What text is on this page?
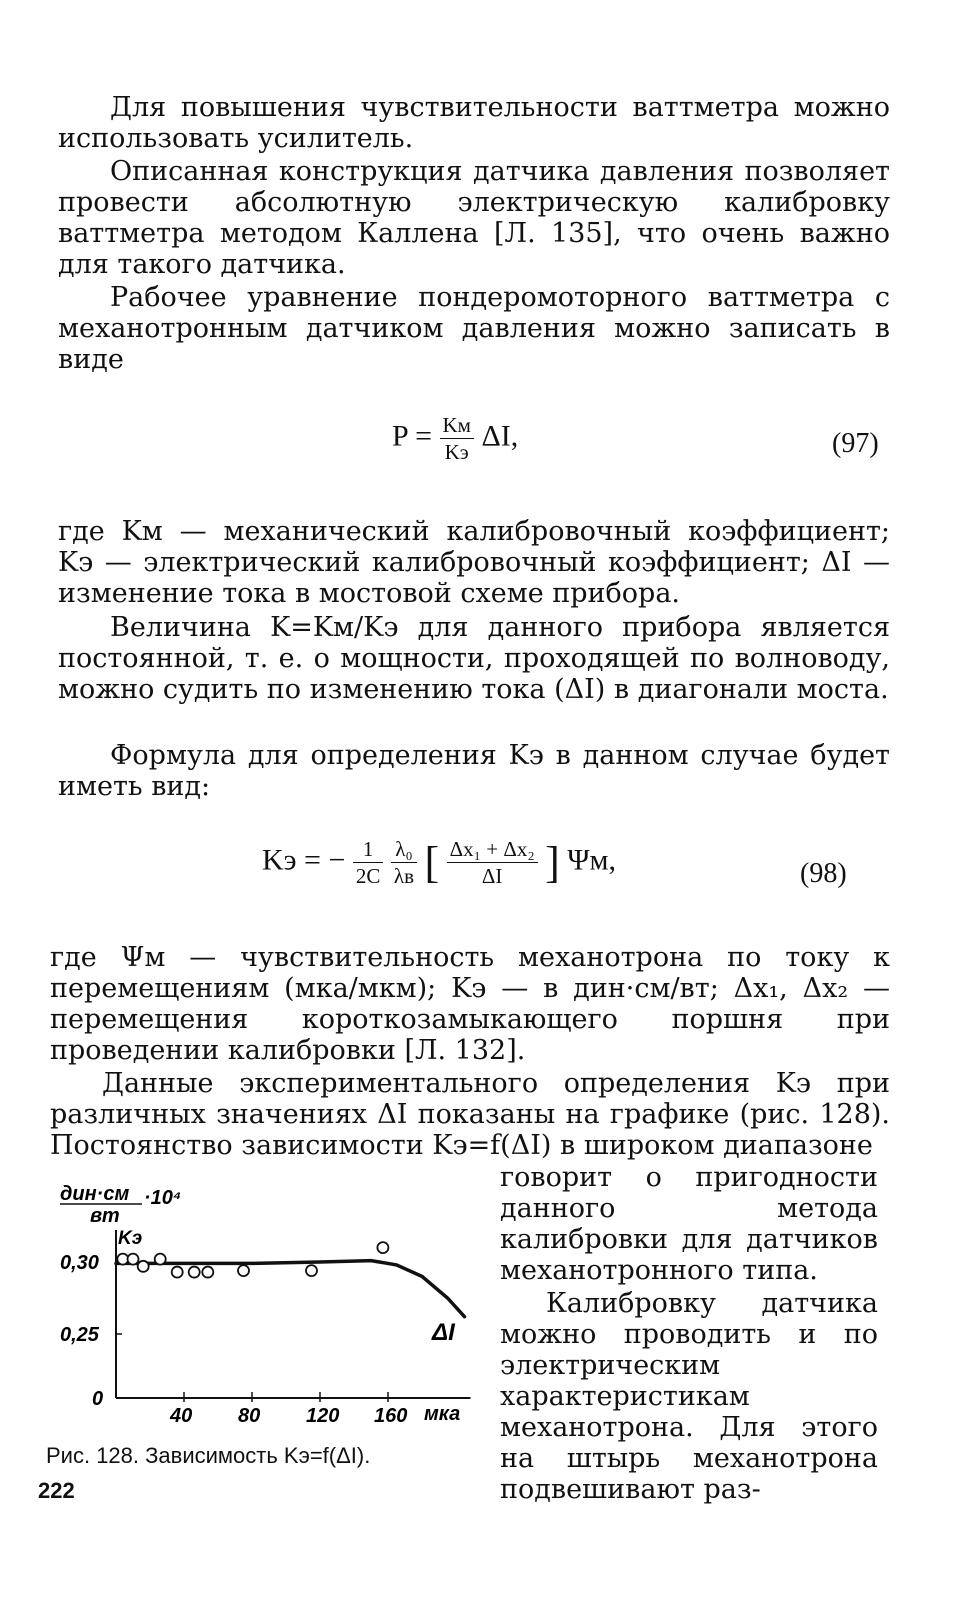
Для повышения чувствительности ваттметра можно использовать усилитель.

Описанная конструкция датчика давления позволяет провести абсолютную электрическую калибровку ваттметра методом Каллена [Л. 135], что очень важно для такого датчика.

Рабочее уравнение пондеромоторного ваттметра с механотронным датчиком давления можно записать в виде

$P = \frac{Kм}{Kэ} \Delta I$,	(97)

где Kм — механический калибровочный коэффициент; Kэ — электрический калибровочный коэффициент; ΔI — изменение тока в мостовой схеме прибора.

Величина K=Kм/Kэ для данного прибора является постоянной, т. е. о мощности, проходящей по волноводу, можно судить по изменению тока (ΔI) в диагонали моста.

Формула для определения Kэ в данном случае будет иметь вид:

Kэ = − $\frac{1}{2C}$
$\frac{\text{λ₀}}{\lambda в}$ [ $\frac{\text{Δx₁ + Δx₂}}{\Delta I}$ ] Ψм,	(98)

где Ψм — чувствительность механотрона по току к перемещениям (мка/мкм); Kэ — в дин·см/вт; Δx₁, Δx₂ — перемещения короткозамыкающего поршня при проведении калибровки [Л. 132].

Данные экспериментального определения Kэ при различных значениях ΔI показаны на графике (рис. 128). Постоянство зависимости Kэ=f(ΔI) в широком диапазоне

говорит о пригодности данного метода калибровки для датчиков механотронного типа.

Калибровку датчика можно проводить и по электрическим характеристикам механотрона. Для этого на штырь механотрона подвешивают раз-

дин·см
вт
·10⁴
Kэ
ΔI
мка
40 80 120 160
0
0,25
0,30
Рис. 128. Зависимость Kэ=f(ΔI).
222
